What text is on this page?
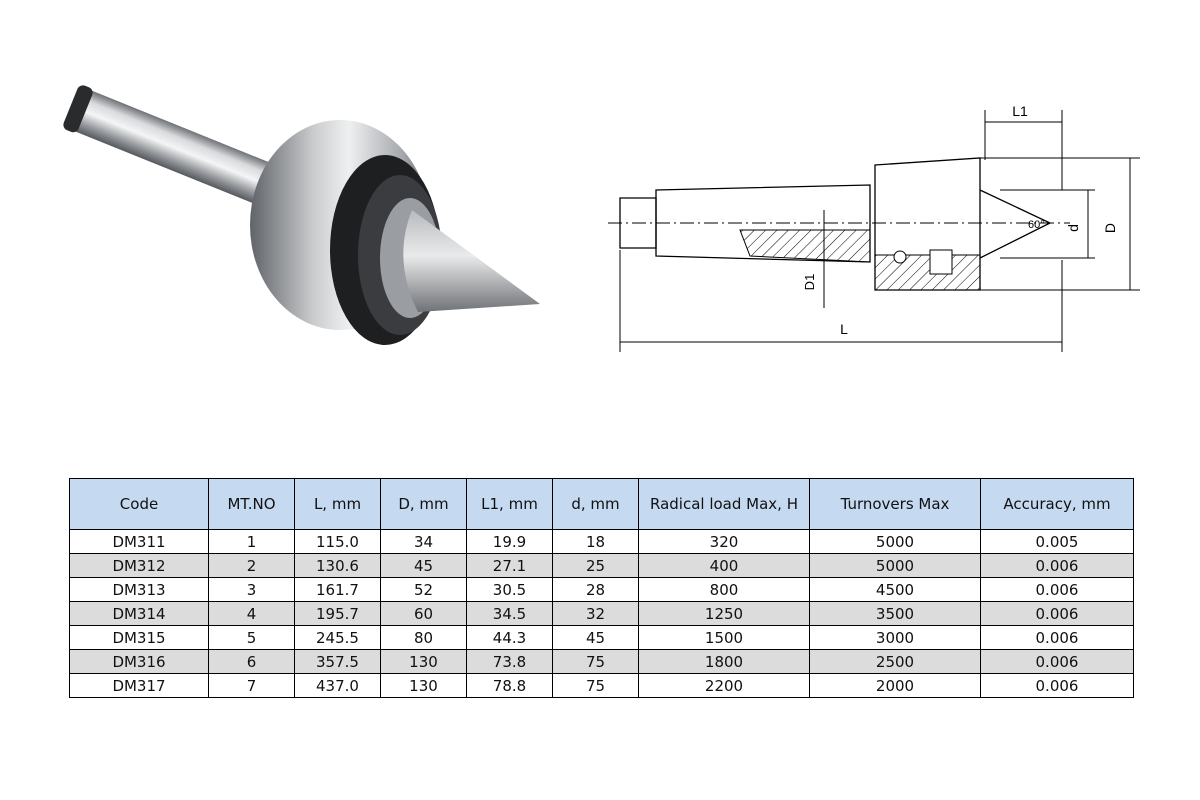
L1
D
d
D1
60°
L
Code	MT.NO	L, mm	D, mm	L1, mm	d, mm	Radical load Max, H	Turnovers Max	Accuracy, mm
DM311	1	115.0	34	19.9	18	320	5000	0.005
DM312	2	130.6	45	27.1	25	400	5000	0.006
DM313	3	161.7	52	30.5	28	800	4500	0.006
DM314	4	195.7	60	34.5	32	1250	3500	0.006
DM315	5	245.5	80	44.3	45	1500	3000	0.006
DM316	6	357.5	130	73.8	75	1800	2500	0.006
DM317	7	437.0	130	78.8	75	2200	2000	0.006
